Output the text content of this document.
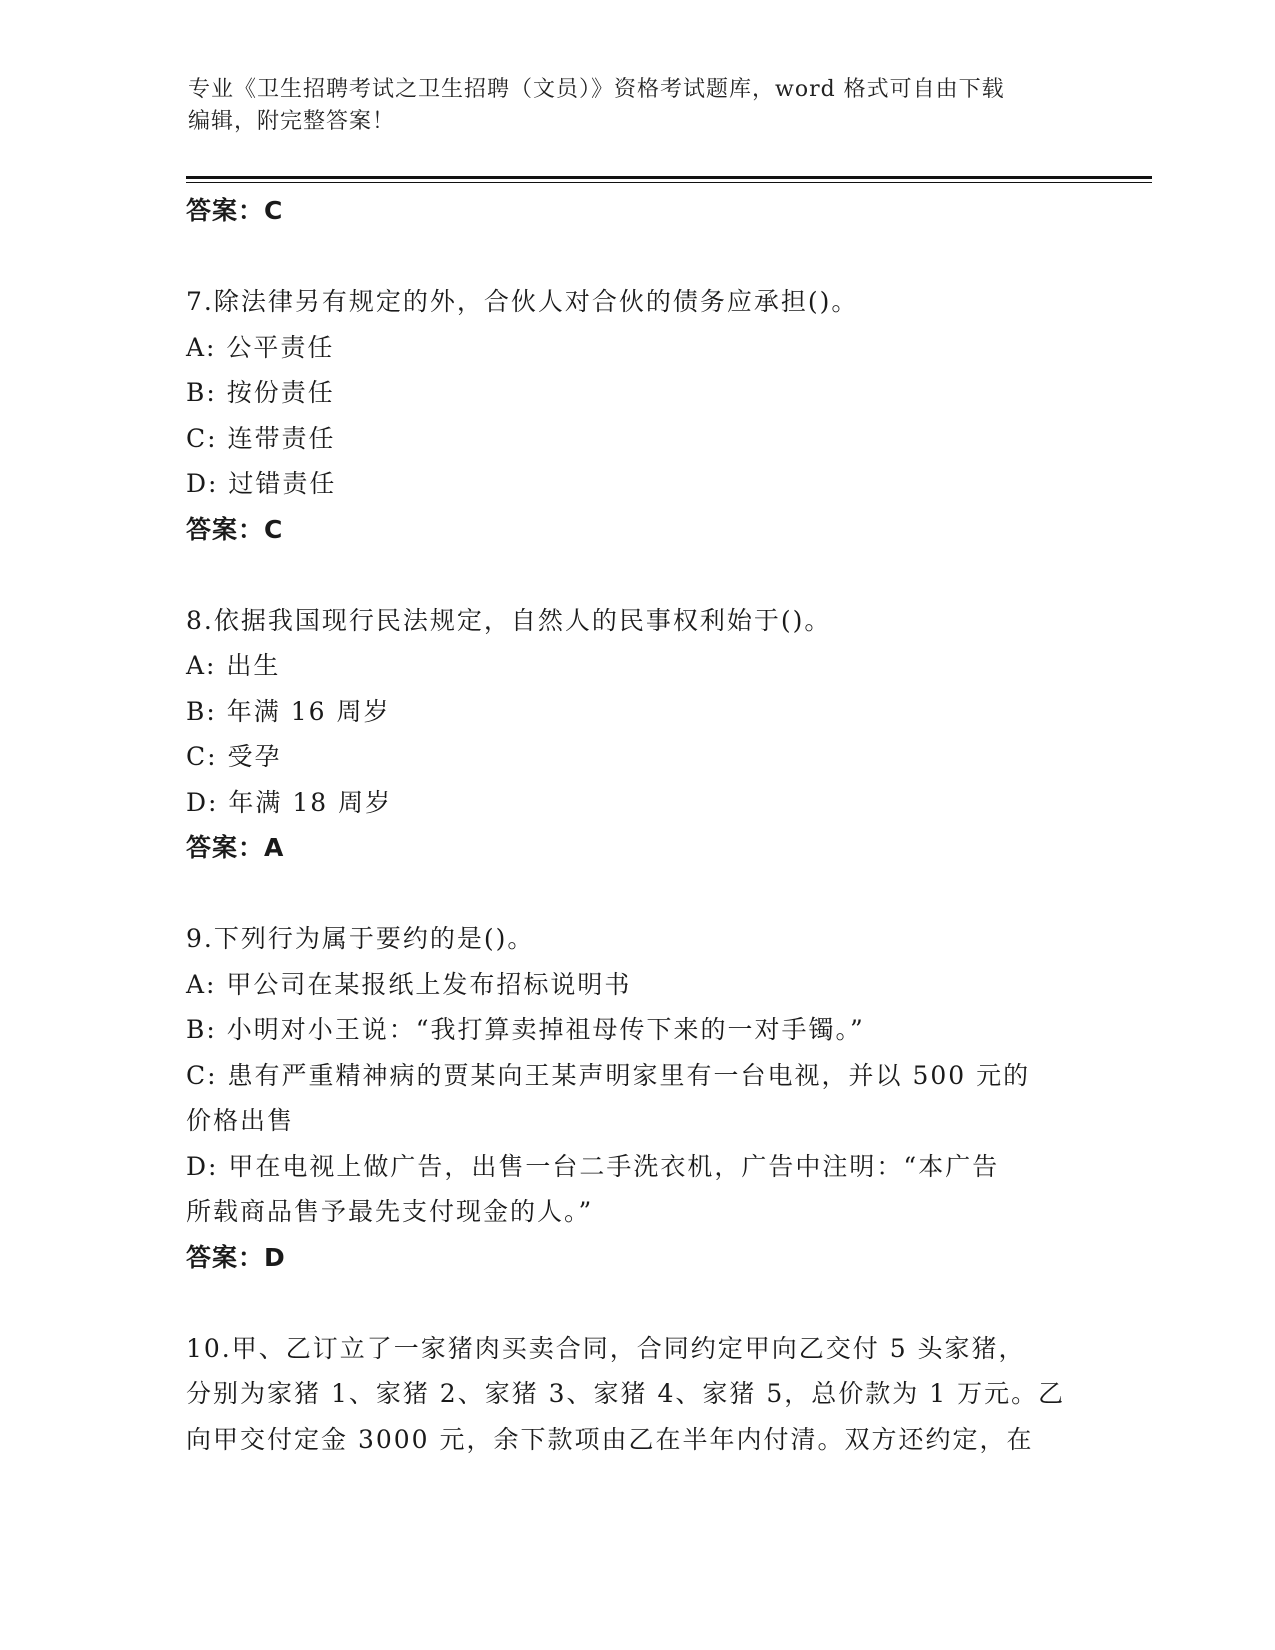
专业《卫生招聘考试之卫生招聘（文员）》资格考试题库，word 格式可自由下载
编辑，附完整答案！
答案：C
7.除法律另有规定的外，合伙人对合伙的债务应承担()。
A: 公平责任
B: 按份责任
C: 连带责任
D: 过错责任
答案：C
8.依据我国现行民法规定，自然人的民事权利始于()。
A: 出生
B: 年满 16 周岁
C: 受孕
D: 年满 18 周岁
答案：A
9.下列行为属于要约的是()。
A: 甲公司在某报纸上发布招标说明书
B: 小明对小王说：“我打算卖掉祖母传下来的一对手镯。”
C: 患有严重精神病的贾某向王某声明家里有一台电视，并以 500 元的
价格出售
D: 甲在电视上做广告，出售一台二手洗衣机，广告中注明：“本广告
所载商品售予最先支付现金的人。”
答案：D
10.甲、乙订立了一家猪肉买卖合同，合同约定甲向乙交付 5 头家猪，
分别为家猪 1、家猪 2、家猪 3、家猪 4、家猪 5，总价款为 1 万元。乙
向甲交付定金 3000 元，余下款项由乙在半年内付清。双方还约定，在
